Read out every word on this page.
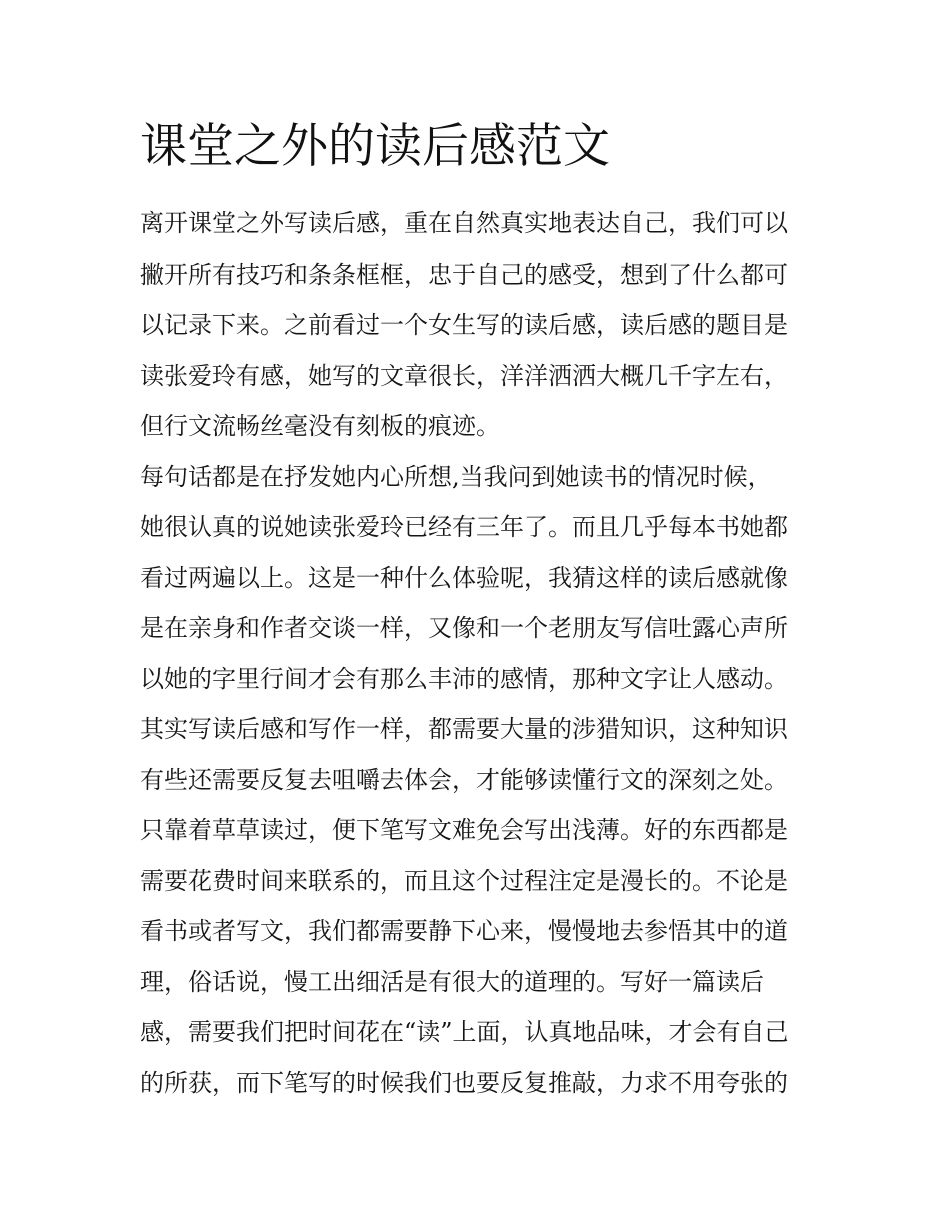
课堂之外的读后感范文

离开课堂之外写读后感，重在自然真实地表达自己，我们可以

撇开所有技巧和条条框框，忠于自己的感受，想到了什么都可

以记录下来。之前看过一个女生写的读后感，读后感的题目是

读张爱玲有感，她写的文章很长，洋洋洒洒大概几千字左右，

但行文流畅丝毫没有刻板的痕迹。

每句话都是在抒发她内心所想,当我问到她读书的情况时候，

她很认真的说她读张爱玲已经有三年了。而且几乎每本书她都

看过两遍以上。这是一种什么体验呢，我猜这样的读后感就像

是在亲身和作者交谈一样，又像和一个老朋友写信吐露心声所

以她的字里行间才会有那么丰沛的感情，那种文字让人感动。

其实写读后感和写作一样，都需要大量的涉猎知识，这种知识

有些还需要反复去咀嚼去体会，才能够读懂行文的深刻之处。

只靠着草草读过，便下笔写文难免会写出浅薄。好的东西都是

需要花费时间来联系的，而且这个过程注定是漫长的。不论是

看书或者写文，我们都需要静下心来，慢慢地去参悟其中的道

理，俗话说，慢工出细活是有很大的道理的。写好一篇读后

感，需要我们把时间花在“读”上面，认真地品味，才会有自己

的所获，而下笔写的时候我们也要反复推敲，力求不用夸张的
